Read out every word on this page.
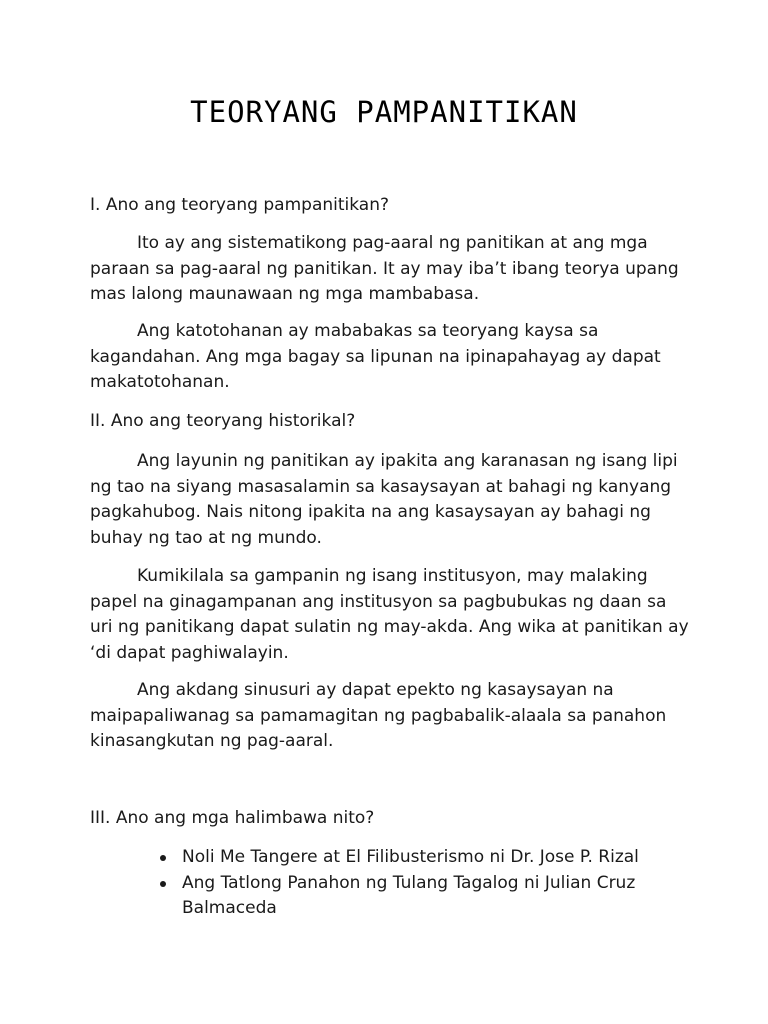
TEORYANG PAMPANITIKAN
I. Ano ang teoryang pampanitikan?

Ito ay ang sistematikong pag-aaral ng panitikan at ang mga paraan sa pag-aaral ng panitikan. It ay may iba’t ibang teorya upang mas lalong maunawaan ng mga mambabasa.

Ang katotohanan ay mababakas sa teoryang kaysa sa kagandahan. Ang mga bagay sa lipunan na ipinapahayag ay dapat makatotohanan.

II. Ano ang teoryang historikal?

Ang layunin ng panitikan ay ipakita ang karanasan ng isang lipi ng tao na siyang masasalamin sa kasaysayan at bahagi ng kanyang pagkahubog. Nais nitong ipakita na ang kasaysayan ay bahagi ng buhay ng tao at ng mundo.

Kumikilala sa gampanin ng isang institusyon, may malaking papel na ginagampanan ang institusyon sa pagbubukas ng daan sa uri ng panitikang dapat sulatin ng may-akda. Ang wika at panitikan ay ‘di dapat paghiwalayin.

Ang akdang sinusuri ay dapat epekto ng kasaysayan na maipapaliwanag sa pamamagitan ng pagbabalik-alaala sa panahon kinasangkutan ng pag-aaral.

III. Ano ang mga halimbawa nito?
Noli Me Tangere at El Filibusterismo ni Dr. Jose P. Rizal
Ang Tatlong Panahon ng Tulang Tagalog ni Julian Cruz Balmaceda
